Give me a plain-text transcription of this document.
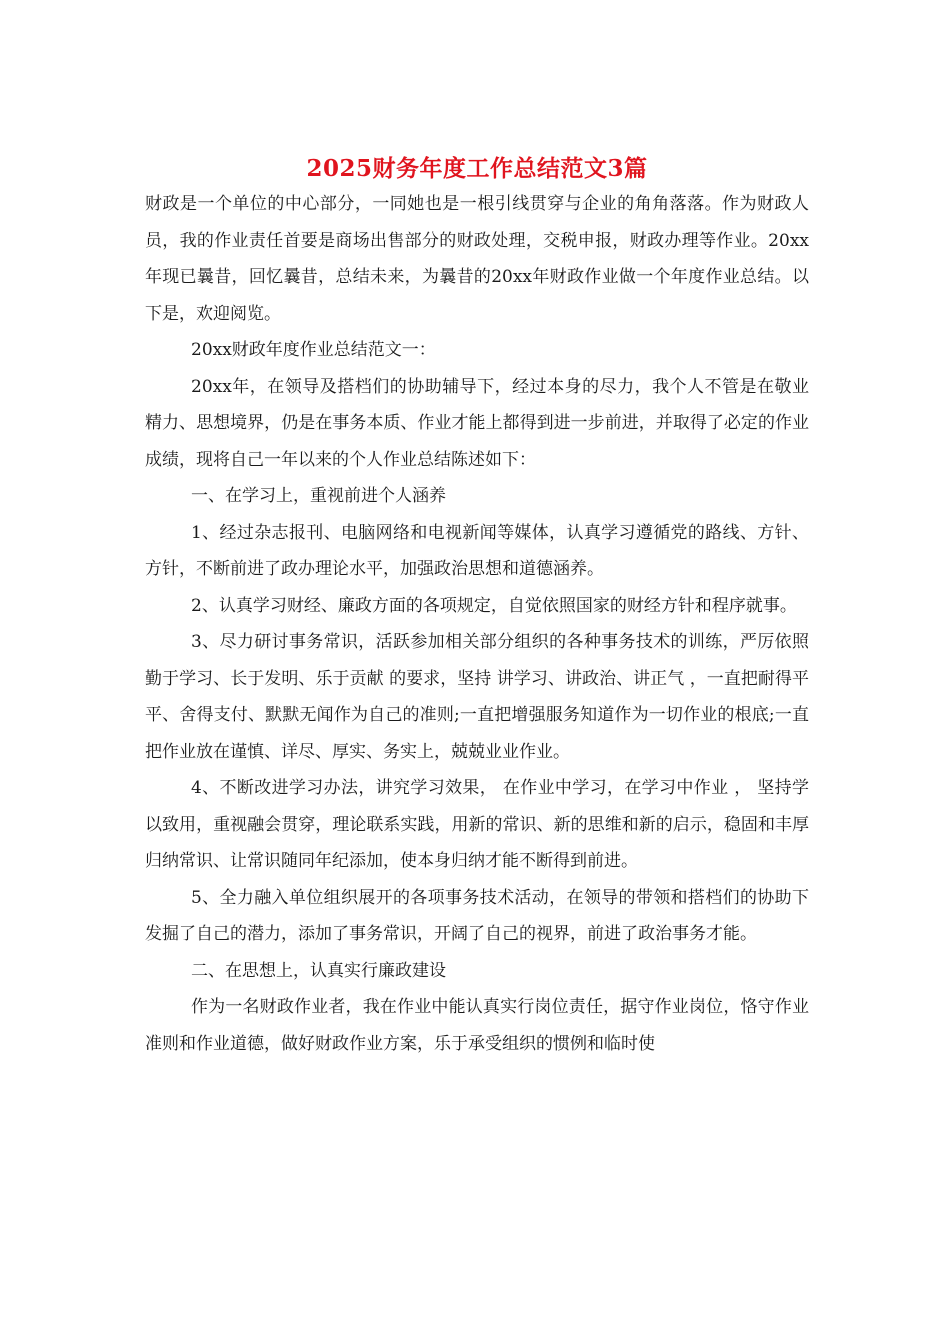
2025财务年度工作总结范文3篇

财政是一个单位的中心部分，一同她也是一根引线贯穿与企业的角角落落。作为财政人员，我的作业责任首要是商场出售部分的财政处理，交税申报，财政办理等作业。20xx年现已曩昔，回忆曩昔，总结未来，为曩昔的20xx年财政作业做一个年度作业总结。以下是，欢迎阅览。

20xx财政年度作业总结范文一：

20xx年，在领导及搭档们的协助辅导下，经过本身的尽力，我个人不管是在敬业精力、思想境界，仍是在事务本质、作业才能上都得到进一步前进，并取得了必定的作业成绩，现将自己一年以来的个人作业总结陈述如下：

一、在学习上，重视前进个人涵养

1、经过杂志报刊、电脑网络和电视新闻等媒体，认真学习遵循党的路线、方针、方针，不断前进了政办理论水平，加强政治思想和道德涵养。

2、认真学习财经、廉政方面的各项规定，自觉依照国家的财经方针和程序就事。

3、尽力研讨事务常识，活跃参加相关部分组织的各种事务技术的训练，严厉依照 勤于学习、长于发明、乐于贡献 的要求，坚持 讲学习、讲政治、讲正气 ，一直把耐得平平、舍得支付、默默无闻作为自己的准则;一直把增强服务知道作为一切作业的根底;一直把作业放在谨慎、详尽、厚实、务实上，兢兢业业作业。

4、不断改进学习办法，讲究学习效果， 在作业中学习，在学习中作业 ， 坚持学以致用，重视融会贯穿，理论联系实践，用新的常识、新的思维和新的启示，稳固和丰厚归纳常识、让常识随同年纪添加，使本身归纳才能不断得到前进。

5、全力融入单位组织展开的各项事务技术活动，在领导的带领和搭档们的协助下发掘了自己的潜力，添加了事务常识，开阔了自己的视界，前进了政治事务才能。

二、在思想上，认真实行廉政建设

作为一名财政作业者，我在作业中能认真实行岗位责任，据守作业岗位，恪守作业准则和作业道德，做好财政作业方案，乐于承受组织的惯例和临时使
